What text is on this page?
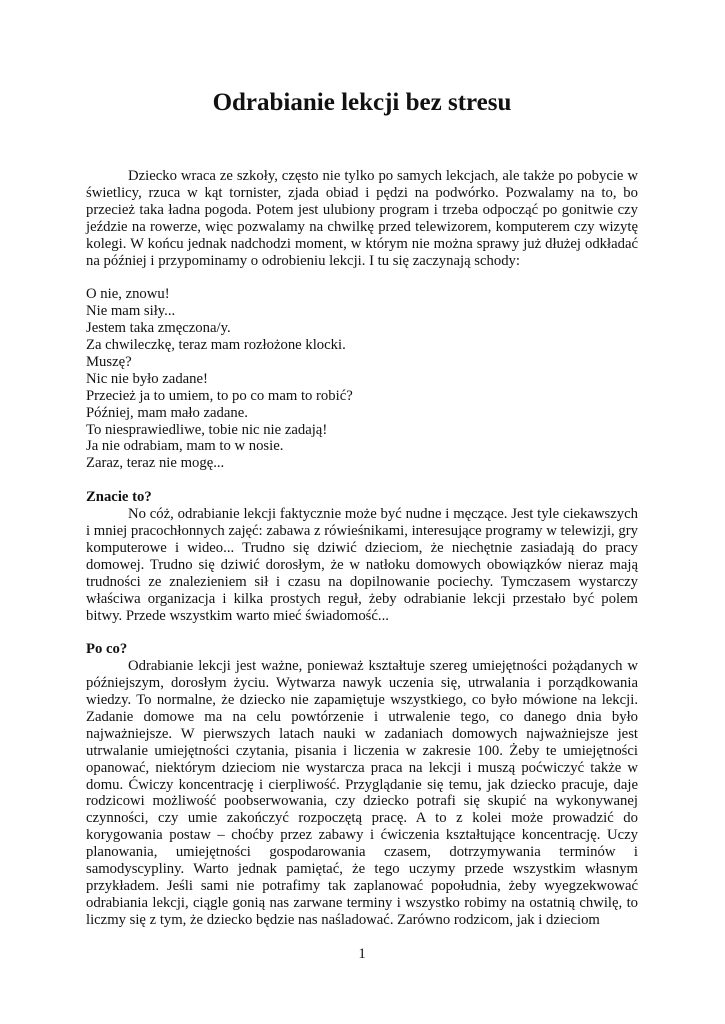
Odrabianie lekcji bez stresu

Dziecko wraca ze szkoły, często nie tylko po samych lekcjach, ale także po pobycie w świetlicy, rzuca w kąt tornister, zjada obiad i pędzi na podwórko. Pozwalamy na to, bo przecież taka ładna pogoda. Potem jest ulubiony program i trzeba odpocząć po gonitwie czy jeździe na rowerze, więc pozwalamy na chwilkę przed telewizorem, komputerem czy wizytę kolegi. W końcu jednak nadchodzi moment, w którym nie można sprawy już dłużej odkładać na później i przypominamy o odrobieniu lekcji. I tu się zaczynają schody:

O nie, znowu!
Nie mam siły...
Jestem taka zmęczona/y.
Za chwileczkę, teraz mam rozłożone klocki.
Muszę?
Nic nie było zadane!
Przecież ja to umiem, to po co mam to robić?
Później, mam mało zadane.
To niesprawiedliwe, tobie nic nie zadają!
Ja nie odrabiam, mam to w nosie.
Zaraz, teraz nie mogę...
Znacie to?

No cóż, odrabianie lekcji faktycznie może być nudne i męczące. Jest tyle ciekawszych i mniej pracochłonnych zajęć: zabawa z rówieśnikami, interesujące programy w telewizji, gry komputerowe i wideo... Trudno się dziwić dzieciom, że niechętnie zasiadają do pracy domowej. Trudno się dziwić dorosłym, że w natłoku domowych obowiązków nieraz mają trudności ze znalezieniem sił i czasu na dopilnowanie pociechy. Tymczasem wystarczy właściwa organizacja i kilka prostych reguł, żeby odrabianie lekcji przestało być polem bitwy. Przede wszystkim warto mieć świadomość...

Po co?

Odrabianie lekcji jest ważne, ponieważ kształtuje szereg umiejętności pożądanych w późniejszym, dorosłym życiu. Wytwarza nawyk uczenia się, utrwalania i porządkowania wiedzy. To normalne, że dziecko nie zapamiętuje wszystkiego, co było mówione na lekcji. Zadanie domowe ma na celu powtórzenie i utrwalenie tego, co danego dnia było najważniejsze. W pierwszych latach nauki w zadaniach domowych najważniejsze jest utrwalanie umiejętności czytania, pisania i liczenia w zakresie 100. Żeby te umiejętności opanować, niektórym dzieciom nie wystarcza praca na lekcji i muszą poćwiczyć także w domu. Ćwiczy koncentrację i cierpliwość. Przyglądanie się temu, jak dziecko pracuje, daje rodzicowi możliwość poobserwowania, czy dziecko potrafi się skupić na wykonywanej czynności, czy umie zakończyć rozpoczętą pracę. A to z kolei może prowadzić do korygowania postaw – choćby przez zabawy i ćwiczenia kształtujące koncentrację. Uczy planowania, umiejętności gospodarowania czasem, dotrzymywania terminów i samodyscypliny. Warto jednak pamiętać, że tego uczymy przede wszystkim własnym przykładem. Jeśli sami nie potrafimy tak zaplanować popołudnia, żeby wyegzekwować odrabiania lekcji, ciągle gonią nas zarwane terminy i wszystko robimy na ostatnią chwilę, to liczmy się z tym, że dziecko będzie nas naśladować. Zarówno rodzicom, jak i dzieciom

1
